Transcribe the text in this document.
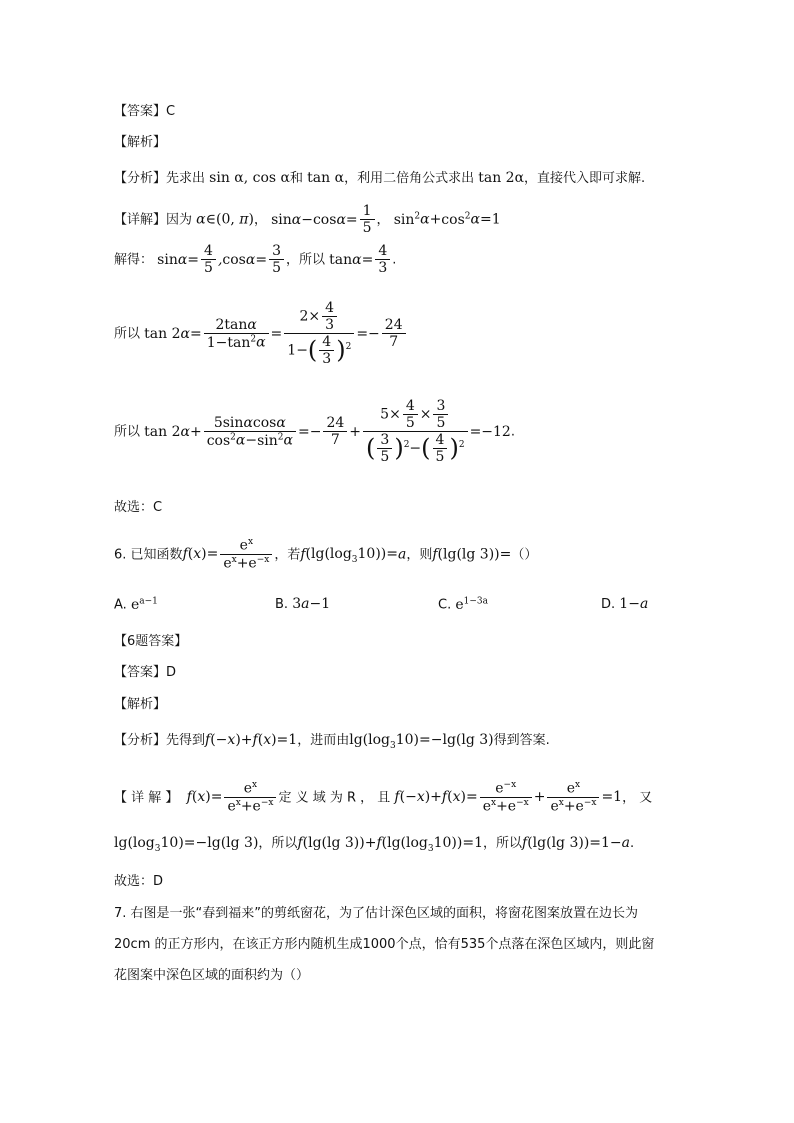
【答案】C
【解析】
【分析】先求出 sin α, cos α和 tan α，利用二倍角公式求出 tan 2α，直接代入即可求解.
【详解】因为 α∈(0, π)， $\sin\alpha-\cos\alpha= \frac{1}{5}$ ， $\sin^2\alpha+\cos^2\alpha=1$
解得： $\sin\alpha= \frac{4}{5} ,\cos\alpha= \frac{3}{5}$ ，所以 $\tan\alpha= \frac{4}{3}$ .
所以 $\tan 2\alpha= \frac{2\tan\alpha}{1-\tan^2\alpha} = \frac{2\times \frac{4}{3}}{1-( \frac{4}{3} )^2} =- \frac{24}{7}$
所以 $\tan 2\alpha+ \frac{5\sin\alpha\cos\alpha}{\cos^2\alpha-\sin^2\alpha} =- \frac{24}{7} + \frac{5\times \frac{4}{5} \times \frac{3}{5}}{( \frac{3}{5} )^2-( \frac{4}{5} )^2} =-12$.
故选：C
6. 已知函数$f(x)= \frac{e^x}{e^x+e^{-x}}$ ，若$f(\lg(\log_310))=a$，则f(lg(lg 3))=（）
A. $e^{a-1}$	B. 3a−1	C. $e^{1-3a}$	D. 1−a
【6题答案】
【答案】D
【解析】
【分析】先得到f(−x)+f(x)=1，进而由$\lg(\log_310)=-\lg(\lg$ 3)得到答案.
【 详 解 】 $f(x)= \frac{e^x}{e^x+e^{-x}}$ 定 义 域 为 R ， 且 $f(-x)+f(x)= \frac{e^{-x}}{e^x+e^{-x}} + \frac{e^x}{e^x+e^{-x}} =1$， 又
$\lg(\log_310)=-\lg(\lg$ 3)，所以f(lg(lg $3))+f(\lg(\log_310))=1$，所以f(lg(lg 3))=1−a.
故选：D
7. 右图是一张“春到福来”的剪纸窗花，为了估计深色区域的面积，将窗花图案放置在边长为
20cm 的正方形内，在该正方形内随机生成1000个点，恰有535个点落在深色区域内，则此窗
花图案中深色区域的面积约为（）
